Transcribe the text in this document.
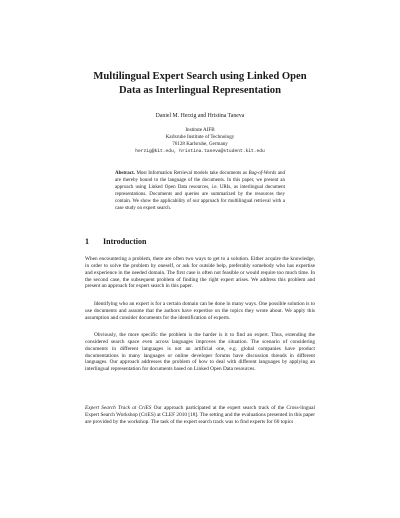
Multilingual Expert Search using Linked Open
Data as Interlingual Representation
Daniel M. Herzig and Hristina Taneva
Institute AIFB
Karlsruhe Institute of Technology
76128 Karlsruhe, Germany
herzig@kit.edu, hristina.taneva@student.kit.edu
Abstract. Most Information Retrieval models take documents as Bag-of-Words and are thereby bound to the language of the documents. In this paper, we present an approach using Linked Open Data resources, i.e. URIs, as interlingual document representations. Documents and queries are summarized by the resources they contain. We show the applicability of our approach for multilingual retrieval with a case study on expert search.
1 Introduction

When encountering a problem, there are often two ways to get to a solution. Either acquire the knowledge, in order to solve the problem by oneself, or ask for outside help, preferably somebody who has expertise and experience in the needed domain. The first case is often not feasible or would require too much time. In the second case, the subsequent problem of finding the right expert arises. We address this problem and present an approach for expert search in this paper.

Identifying who an expert is for a certain domain can be done in many ways. One possible solution is to use documents and assume that the authors have expertise on the topics they wrote about. We apply this assumption and consider documents for the identification of experts.

Obviously, the more specific the problem is the harder is it to find an expert. Thus, extending the considered search space even across languages improves the situation. The scenario of considering documents in different languages is not an artificial one, e.g. global companies have product documentations in many languages or online developer forums have discussion threads in different languages. Our approach addresses the problem of how to deal with different languages by applying an interlingual representation for documents based on Linked Open Data resources.

Expert Search Track at CriES Our approach participated at the expert search track of the Cross-lingual Expert Search Workshop (CriES) at CLEF 2010 [18]. The setting and the evaluations presented in this paper are provided by the workshop. The task of the expert search track was to find experts for 60 topics
